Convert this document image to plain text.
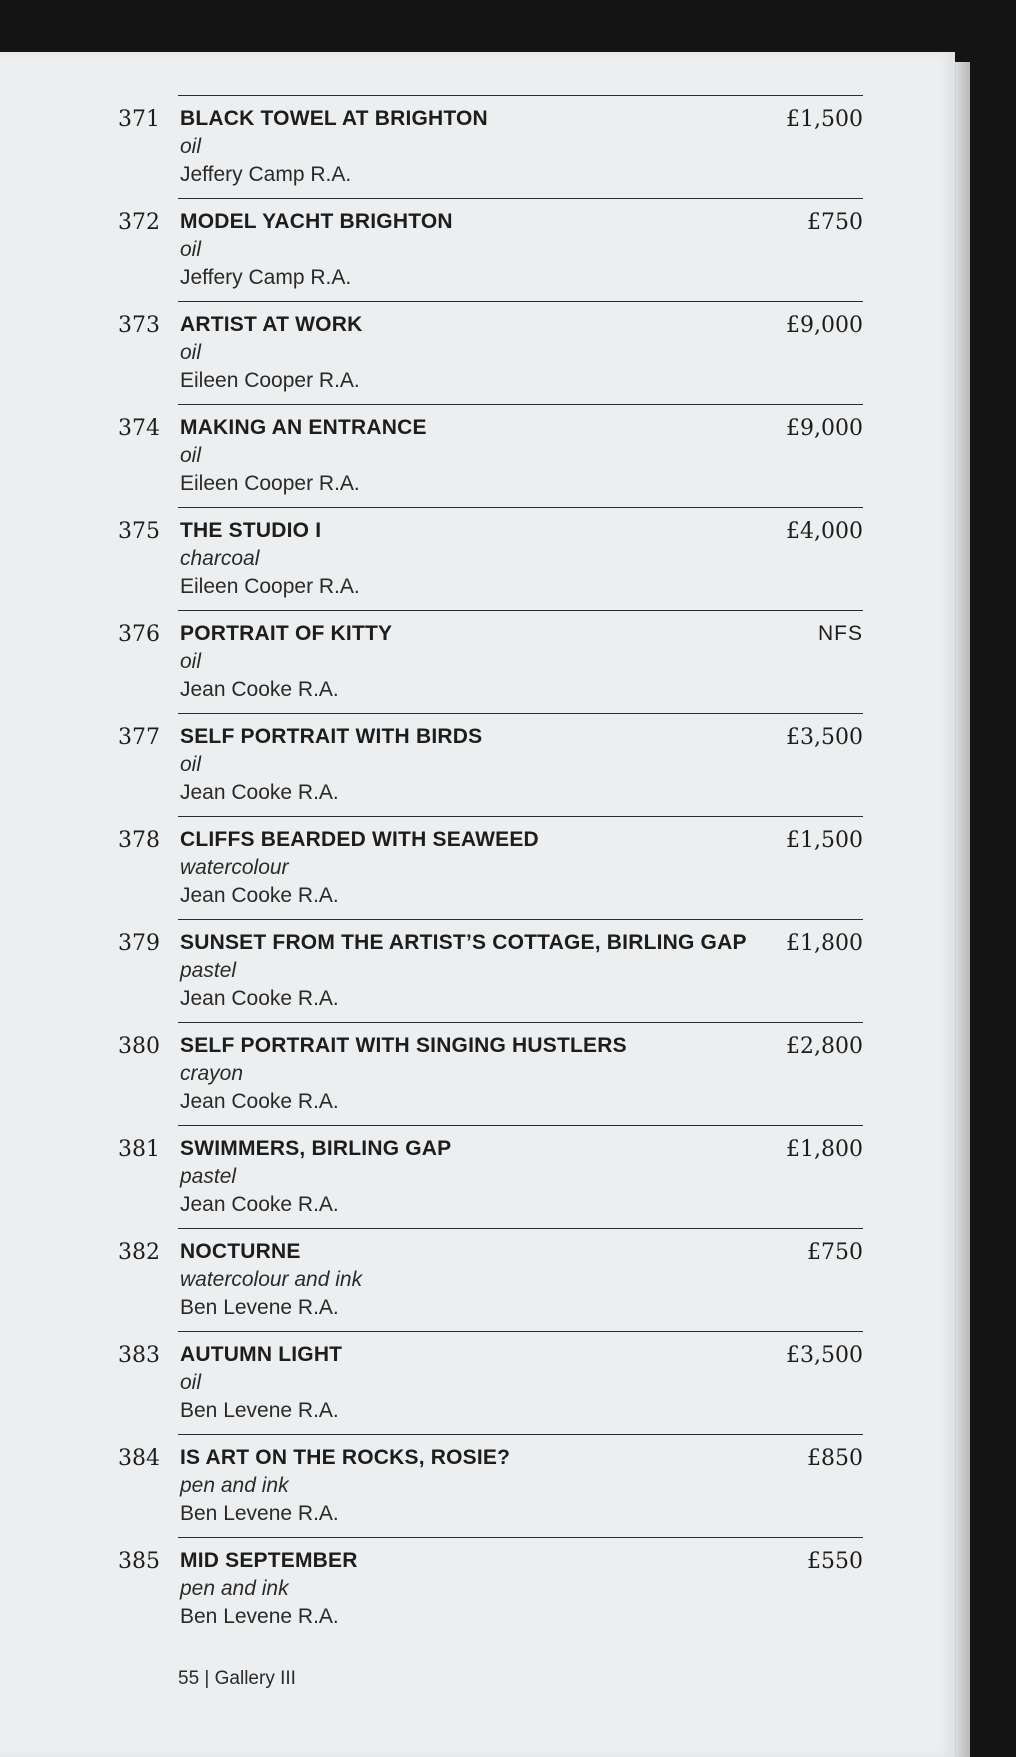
371 BLACK TOWEL AT BRIGHTON
oil
Jeffery Camp R.A.
£1,500
372 MODEL YACHT BRIGHTON
oil
Jeffery Camp R.A.
£750
373 ARTIST AT WORK
oil
Eileen Cooper R.A.
£9,000
374 MAKING AN ENTRANCE
oil
Eileen Cooper R.A.
£9,000
375 THE STUDIO I
charcoal
Eileen Cooper R.A.
£4,000
376 PORTRAIT OF KITTY
oil
Jean Cooke R.A.
NFS
377 SELF PORTRAIT WITH BIRDS
oil
Jean Cooke R.A.
£3,500
378 CLIFFS BEARDED WITH SEAWEED
watercolour
Jean Cooke R.A.
£1,500
379 SUNSET FROM THE ARTIST’S COTTAGE, BIRLING GAP
pastel
Jean Cooke R.A.
£1,800
380 SELF PORTRAIT WITH SINGING HUSTLERS
crayon
Jean Cooke R.A.
£2,800
381 SWIMMERS, BIRLING GAP
pastel
Jean Cooke R.A.
£1,800
382 NOCTURNE
watercolour and ink
Ben Levene R.A.
£750
383 AUTUMN LIGHT
oil
Ben Levene R.A.
£3,500
384 IS ART ON THE ROCKS, ROSIE?
pen and ink
Ben Levene R.A.
£850
385 MID SEPTEMBER
pen and ink
Ben Levene R.A.
£550
55 | Gallery III
